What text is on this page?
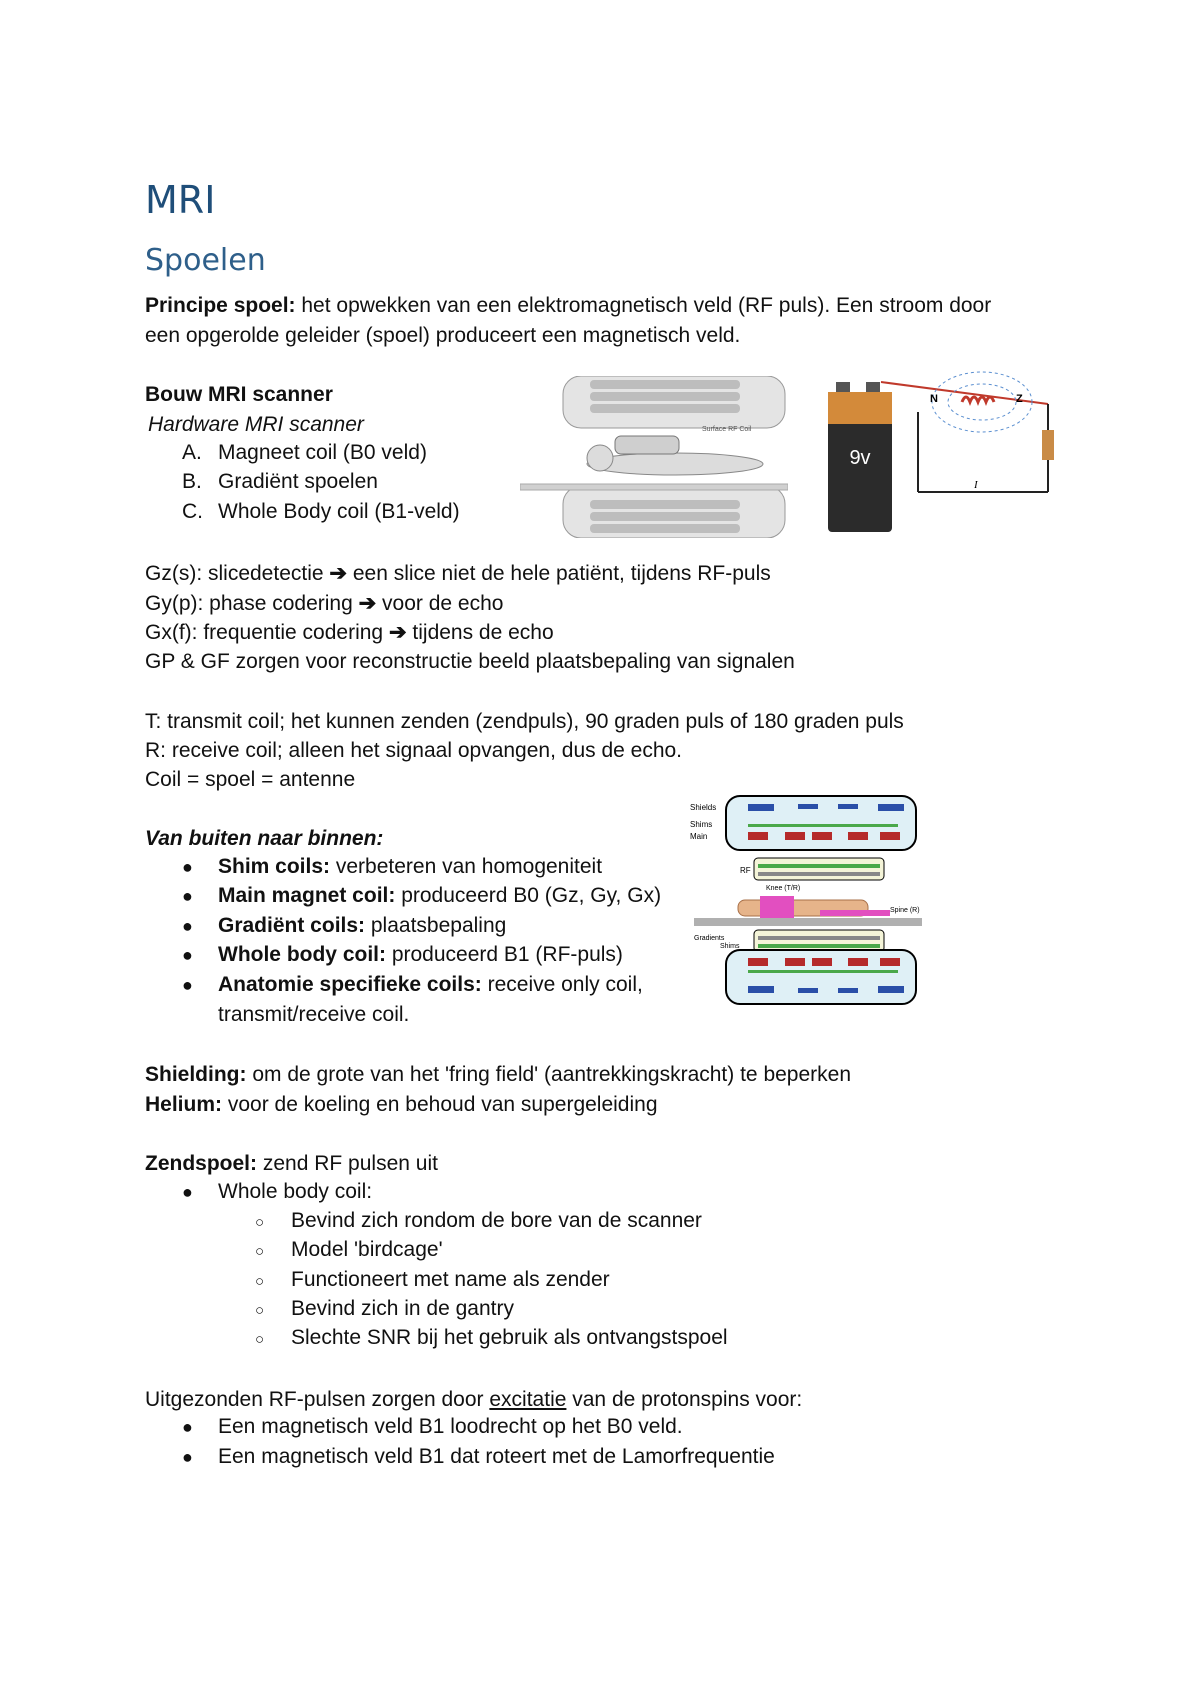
MRI
Spoelen
Principe spoel: het opwekken van een elektromagnetisch veld (RF puls). Een stroom door
een opgerolde geleider (spoel) produceert een magnetisch veld.
Bouw MRI scanner
Hardware MRI scanner
A. Magneet coil (B0 veld)
B. Gradiënt spoelen
C. Whole Body coil (B1-veld)
Surface RF Coil
9v
N	Z
I
Gz(s): slicedetectie ➔ een slice niet de hele patiënt, tijdens RF-puls
Gy(p): phase codering ➔ voor de echo
Gx(f): frequentie codering ➔ tijdens de echo
GP & GF zorgen voor reconstructie beeld plaatsbepaling van signalen
T: transmit coil; het kunnen zenden (zendpuls), 90 graden puls of 180 graden puls
R: receive coil; alleen het signaal opvangen, dus de echo.
Coil = spoel = antenne
Shields
Shims
Main
RF
Knee (T/R)
Spine (R)
Gradients
Shims
Van buiten naar binnen:
● Shim coils: verbeteren van homogeniteit
● Main magnet coil: produceerd B0 (Gz, Gy, Gx)
● Gradiënt coils: plaatsbepaling
● Whole body coil: produceerd B1 (RF-puls)
● Anatomie specifieke coils: receive only coil,
transmit/receive coil.
Shielding: om de grote van het 'fring field' (aantrekkingskracht) te beperken
Helium: voor de koeling en behoud van supergeleiding
Zendspoel: zend RF pulsen uit
● Whole body coil:
○ Bevind zich rondom de bore van de scanner
○ Model 'birdcage'
○ Functioneert met name als zender
○ Bevind zich in de gantry
○ Slechte SNR bij het gebruik als ontvangstspoel
Uitgezonden RF-pulsen zorgen door excitatie van de protonspins voor:
● Een magnetisch veld B1 loodrecht op het B0 veld.
● Een magnetisch veld B1 dat roteert met de Lamorfrequentie
